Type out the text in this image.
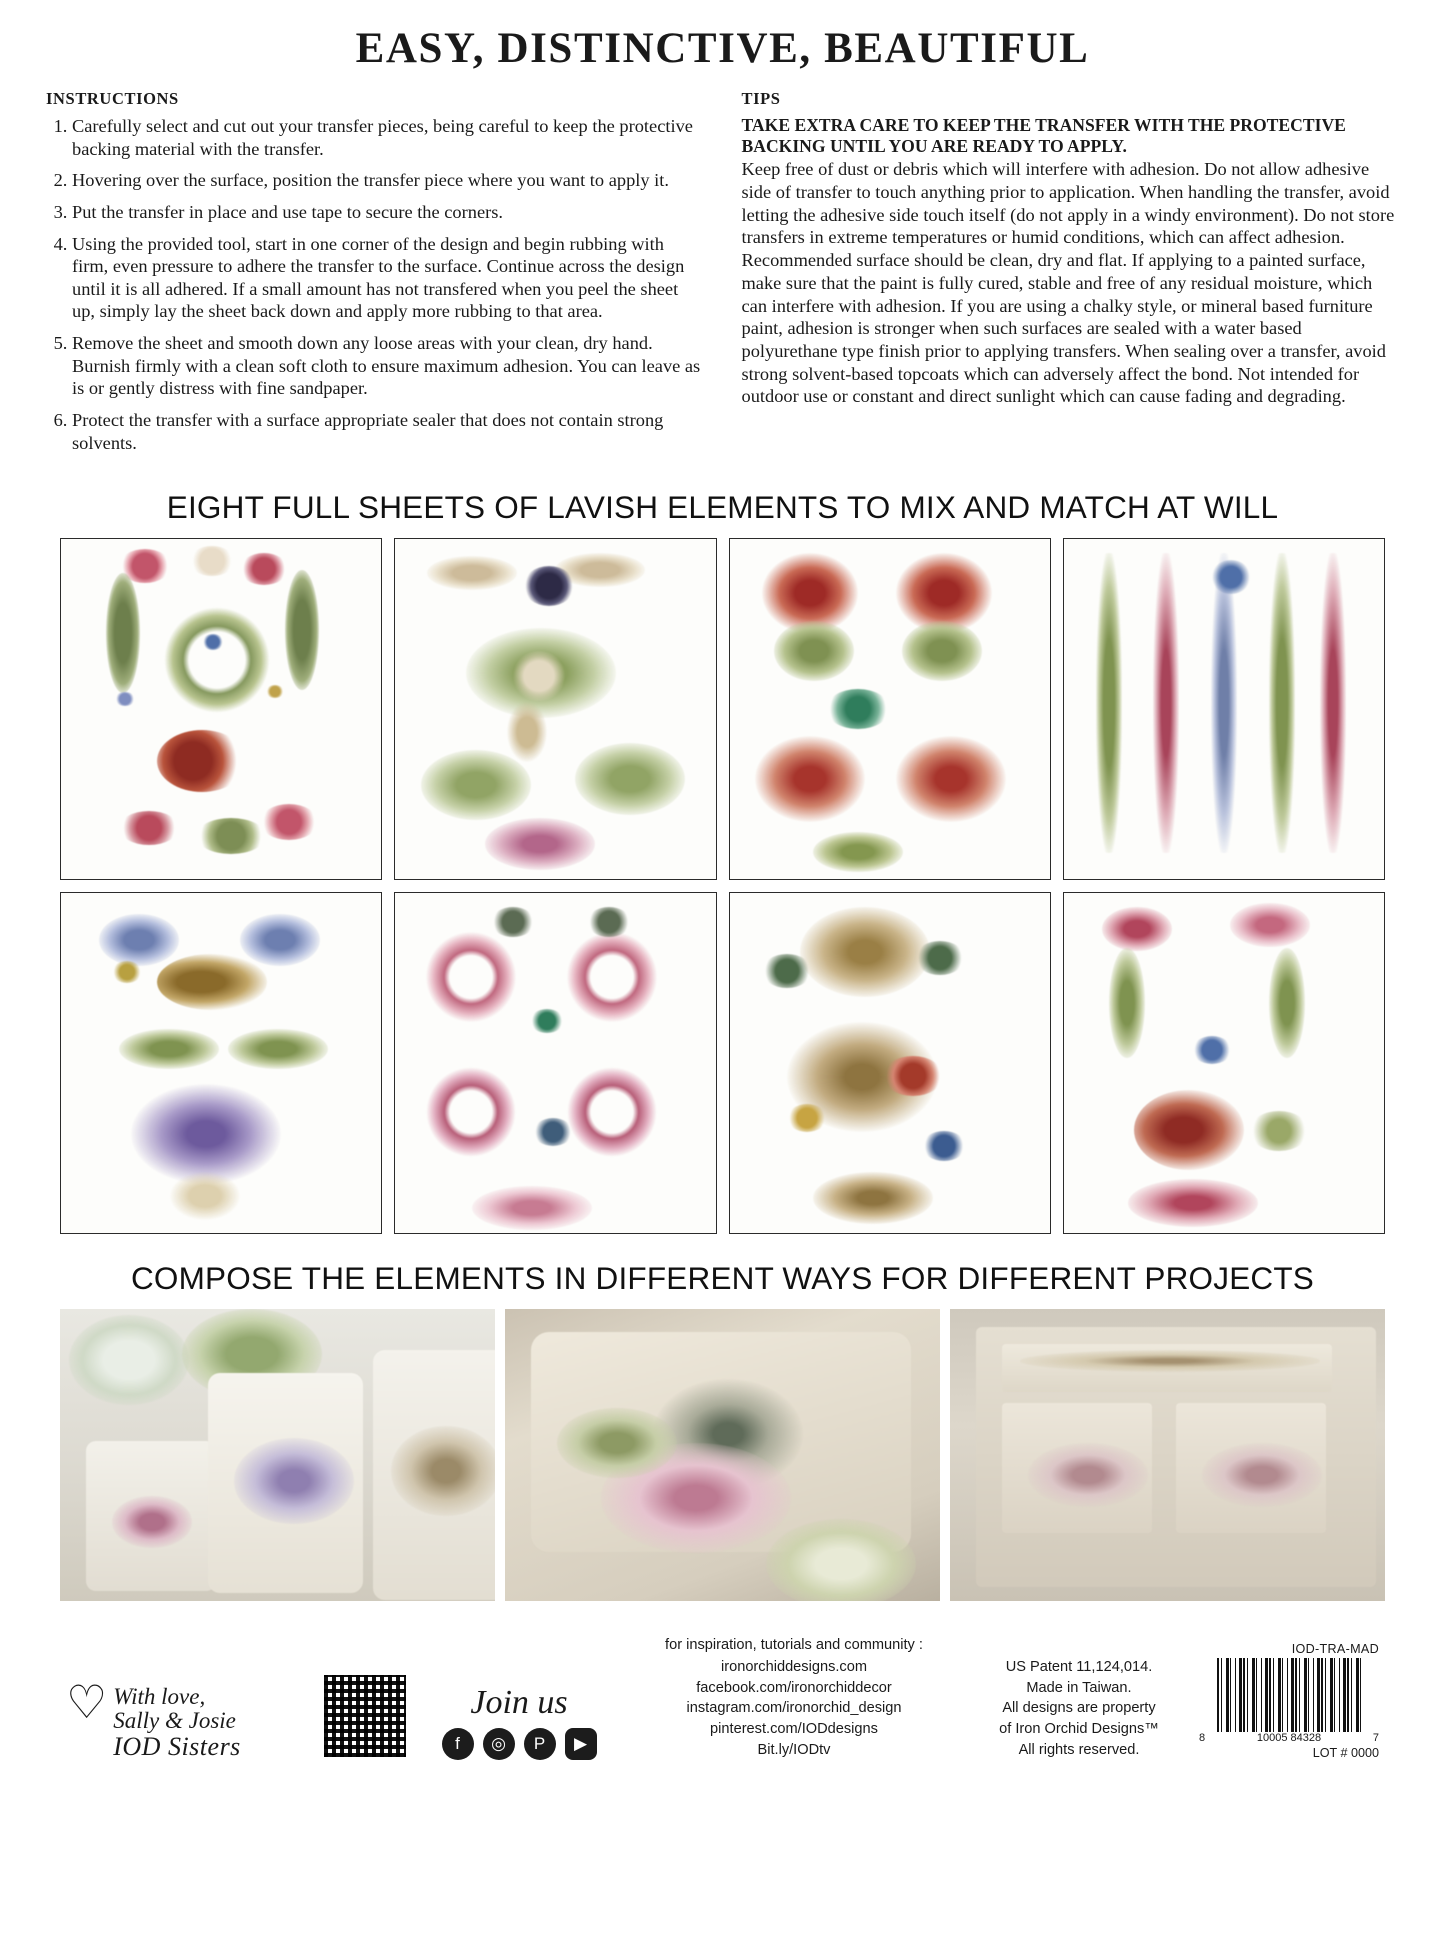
EASY, DISTINCTIVE, BEAUTIFUL
INSTRUCTIONS
1. Carefully select and cut out your transfer pieces, being careful to keep the protective backing material with the transfer.
2. Hovering over the surface, position the transfer piece where you want to apply it.
3. Put the transfer in place and use tape to secure the corners.
4. Using the provided tool, start in one corner of the design and begin rubbing with firm, even pressure to adhere the transfer to the surface. Continue across the design until it is all adhered. If a small amount has not transfered when you peel the sheet up, simply lay the sheet back down and apply more rubbing to that area.
5. Remove the sheet and smooth down any loose areas with your clean, dry hand. Burnish firmly with a clean soft cloth to ensure maximum adhesion. You can leave as is or gently distress with fine sandpaper.
6. Protect the transfer with a surface appropriate sealer that does not contain strong solvents.
TIPS
TAKE EXTRA CARE TO KEEP THE TRANSFER WITH THE PROTECTIVE BACKING UNTIL YOU ARE READY TO APPLY.
Keep free of dust or debris which will interfere with adhesion. Do not allow adhesive side of transfer to touch anything prior to application. When handling the transfer, avoid letting the adhesive side touch itself (do not apply in a windy environment). Do not store transfers in extreme temperatures or humid conditions, which can affect adhesion. Recommended surface should be clean, dry and flat. If applying to a painted surface, make sure that the paint is fully cured, stable and free of any residual moisture, which can interfere with adhesion. If you are using a chalky style, or mineral based furniture paint, adhesion is stronger when such surfaces are sealed with a water based polyurethane type finish prior to applying transfers. When sealing over a transfer, avoid strong solvent-based topcoats which can adversely affect the bond. Not intended for outdoor use or constant and direct sunlight which can cause fading and degrading.
EIGHT FULL SHEETS OF LAVISH ELEMENTS TO MIX AND MATCH AT WILL
COMPOSE THE ELEMENTS IN DIFFERENT WAYS FOR DIFFERENT PROJECTS
♡ With love,
Sally & Josie
IOD Sisters
Join us
f	◎	P	▶
for inspiration, tutorials and community :
ironorchiddesigns.com
facebook.com/ironorchiddecor
instagram.com/ironorchid_design
pinterest.com/IODdesigns
Bit.ly/IODtv
US Patent 11,124,014.
Made in Taiwan.
All designs are property
of Iron Orchid Designs™
All rights reserved.
IOD-TRA-MAD
8	10005 84328	7
LOT # 0000
